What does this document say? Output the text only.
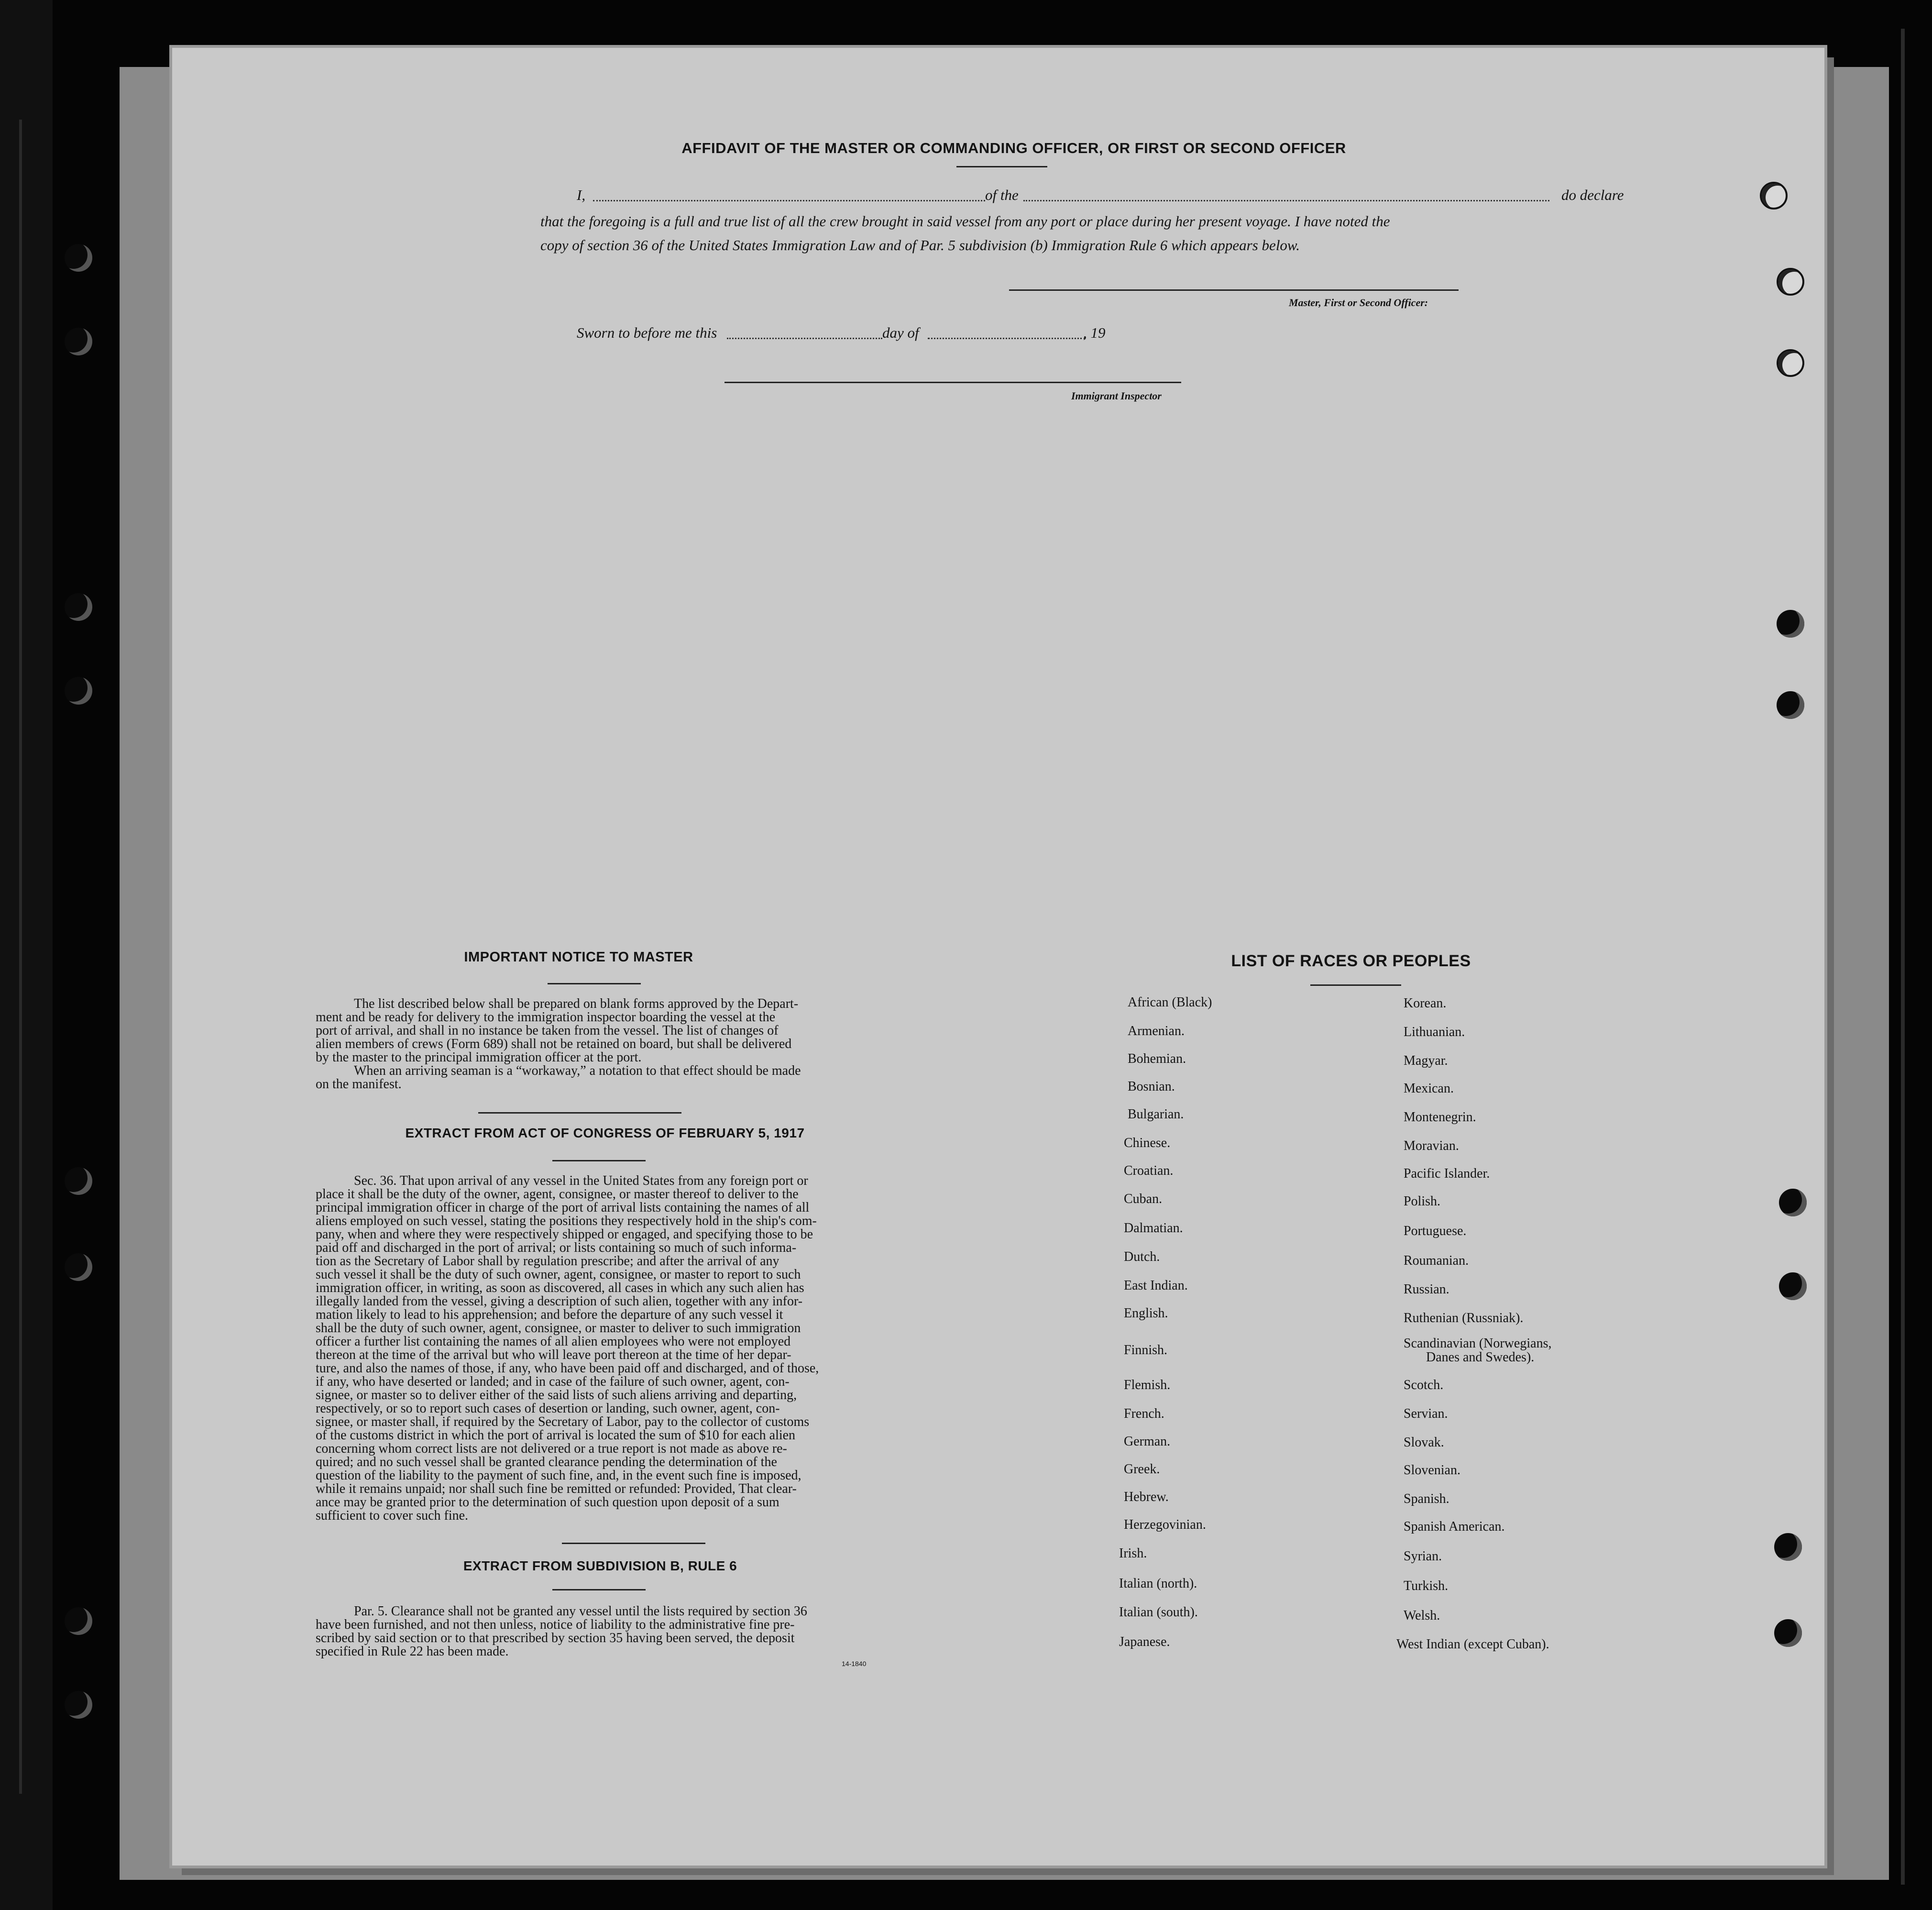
AFFIDAVIT OF THE MASTER OR COMMANDING OFFICER, OR FIRST OR SECOND OFFICER
I,	of the	do declare
that the foregoing is a full and true list of all the crew brought in said vessel from any port or place during her present voyage. I have noted the
copy of section 36 of the United States Immigration Law and of Par. 5 subdivision (b) Immigration Rule 6 which appears below.
Master, First or Second Officer:
Sworn to before me this	day of	, 19
Immigrant Inspector
IMPORTANT NOTICE TO MASTER
The list described below shall be prepared on blank forms approved by the Depart-
ment and be ready for delivery to the immigration inspector boarding the vessel at the
port of arrival, and shall in no instance be taken from the vessel. The list of changes of
alien members of crews (Form 689) shall not be retained on board, but shall be delivered
by the master to the principal immigration officer at the port.
When an arriving seaman is a “workaway,” a notation to that effect should be made
on the manifest.
EXTRACT FROM ACT OF CONGRESS OF FEBRUARY 5, 1917
Sec. 36. That upon arrival of any vessel in the United States from any foreign port or
place it shall be the duty of the owner, agent, consignee, or master thereof to deliver to the
principal immigration officer in charge of the port of arrival lists containing the names of all
aliens employed on such vessel, stating the positions they respectively hold in the ship's com-
pany, when and where they were respectively shipped or engaged, and specifying those to be
paid off and discharged in the port of arrival; or lists containing so much of such informa-
tion as the Secretary of Labor shall by regulation prescribe; and after the arrival of any
such vessel it shall be the duty of such owner, agent, consignee, or master to report to such
immigration officer, in writing, as soon as discovered, all cases in which any such alien has
illegally landed from the vessel, giving a description of such alien, together with any infor-
mation likely to lead to his apprehension; and before the departure of any such vessel it
shall be the duty of such owner, agent, consignee, or master to deliver to such immigration
officer a further list containing the names of all alien employees who were not employed
thereon at the time of the arrival but who will leave port thereon at the time of her depar-
ture, and also the names of those, if any, who have been paid off and discharged, and of those,
if any, who have deserted or landed; and in case of the failure of such owner, agent, con-
signee, or master so to deliver either of the said lists of such aliens arriving and departing,
respectively, or so to report such cases of desertion or landing, such owner, agent, con-
signee, or master shall, if required by the Secretary of Labor, pay to the collector of customs
of the customs district in which the port of arrival is located the sum of $10 for each alien
concerning whom correct lists are not delivered or a true report is not made as above re-
quired; and no such vessel shall be granted clearance pending the determination of the
question of the liability to the payment of such fine, and, in the event such fine is imposed,
while it remains unpaid; nor shall such fine be remitted or refunded: Provided, That clear-
ance may be granted prior to the determination of such question upon deposit of a sum
sufficient to cover such fine.
EXTRACT FROM SUBDIVISION B, RULE 6
Par. 5. Clearance shall not be granted any vessel until the lists required by section 36
have been furnished, and not then unless, notice of liability to the administrative fine pre-
scribed by said section or to that prescribed by section 35 having been served, the deposit
specified in Rule 22 has been made.
14-1840
LIST OF RACES OR PEOPLES
African (Black)
Armenian.
Bohemian.
Bosnian.
Bulgarian.
Chinese.
Croatian.
Cuban.
Dalmatian.
Dutch.
East Indian.
English.
Finnish.
Flemish.
French.
German.
Greek.
Hebrew.
Herzegovinian.
Irish.
Italian (north).
Italian (south).
Japanese.
Korean.
Lithuanian.
Magyar.
Mexican.
Montenegrin.
Moravian.
Pacific Islander.
Polish.
Portuguese.
Roumanian.
Russian.
Ruthenian (Russniak).
Scandinavian (Norwegians,
Danes and Swedes).
Scotch.
Servian.
Slovak.
Slovenian.
Spanish.
Spanish American.
Syrian.
Turkish.
Welsh.
West Indian (except Cuban).
